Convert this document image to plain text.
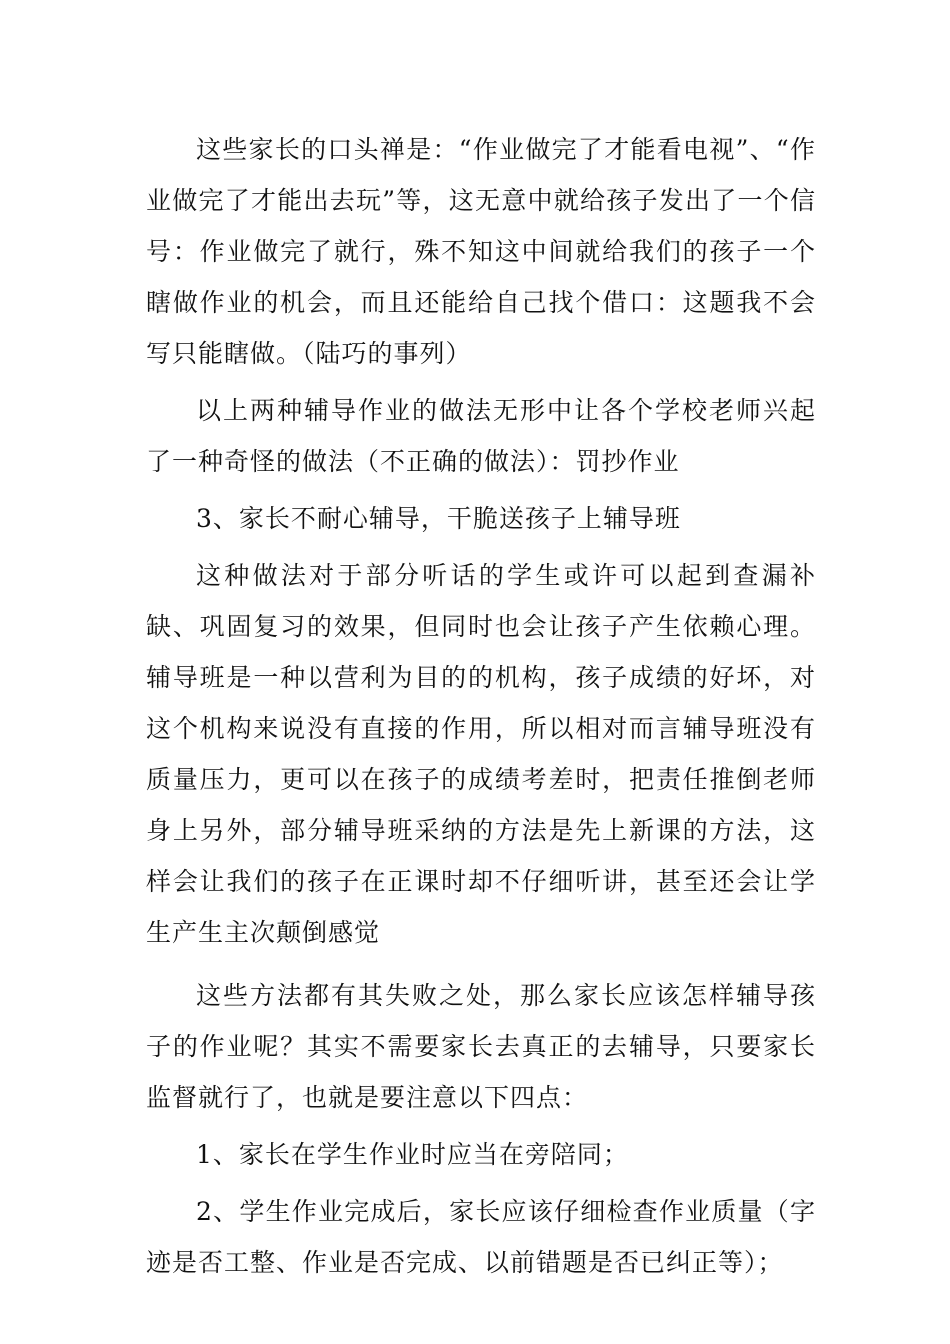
这些家长的口头禅是：“作业做完了才能看电视”、“作业做完了才能出去玩”等，这无意中就给孩子发出了一个信号：作业做完了就行，殊不知这中间就给我们的孩子一个瞎做作业的机会，而且还能给自己找个借口：这题我不会写只能瞎做。（陆巧的事列）

以上两种辅导作业的做法无形中让各个学校老师兴起了一种奇怪的做法（不正确的做法）：罚抄作业

3、家长不耐心辅导，干脆送孩子上辅导班

这种做法对于部分听话的学生或许可以起到查漏补缺、巩固复习的效果，但同时也会让孩子产生依赖心理。辅导班是一种以营利为目的的机构，孩子成绩的好坏，对这个机构来说没有直接的作用，所以相对而言辅导班没有质量压力，更可以在孩子的成绩考差时，把责任推倒老师身上另外，部分辅导班采纳的方法是先上新课的方法，这样会让我们的孩子在正课时却不仔细听讲，甚至还会让学生产生主次颠倒感觉

这些方法都有其失败之处，那么家长应该怎样辅导孩子的作业呢？其实不需要家长去真正的去辅导，只要家长监督就行了，也就是要注意以下四点：

1、家长在学生作业时应当在旁陪同；

2、学生作业完成后，家长应该仔细检查作业质量（字迹是否工整、作业是否完成、以前错题是否已纠正等）；
